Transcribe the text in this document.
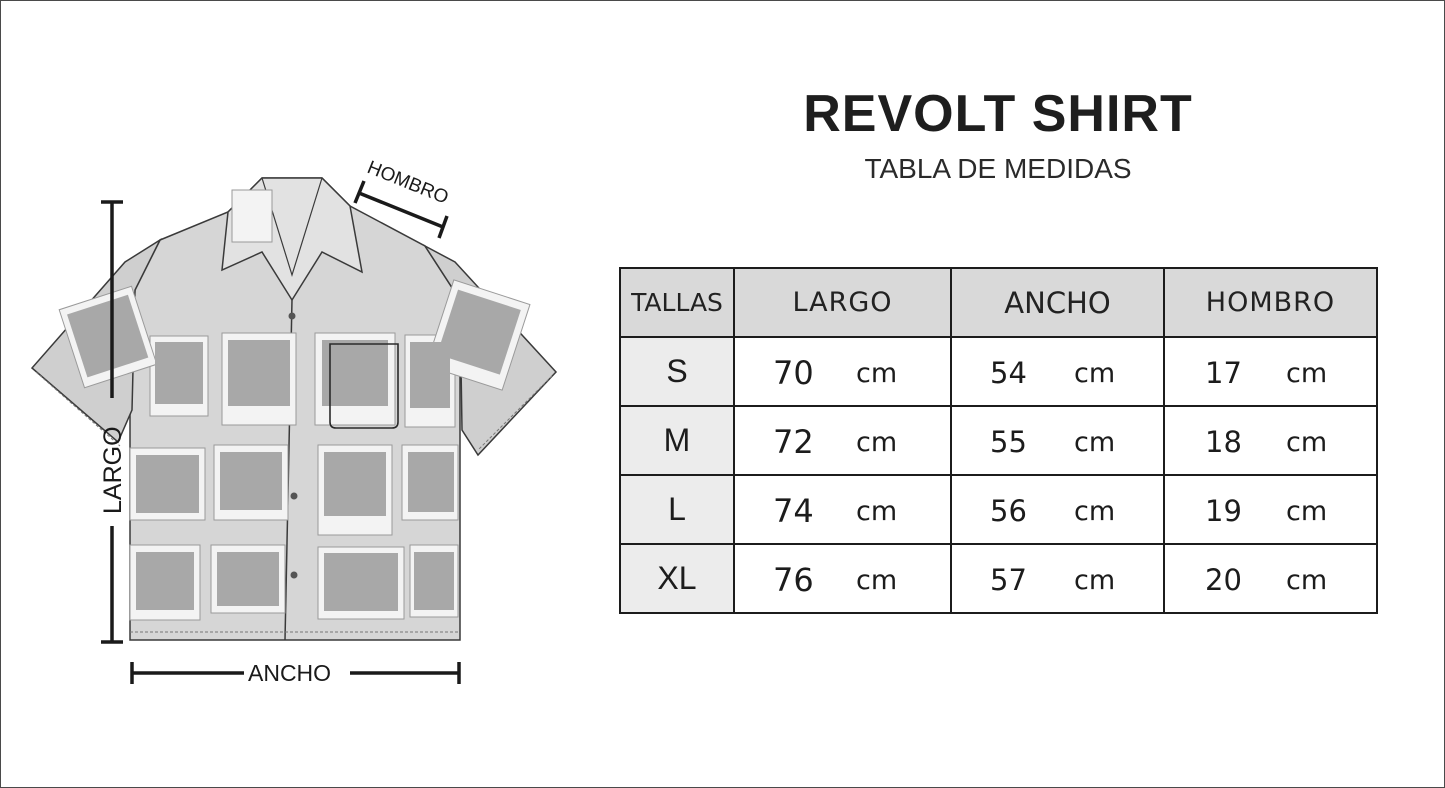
LARGO
ANCHO
HOMBRO
REVOLT SHIRT
TABLA DE MEDIDAS
TALLAS	LARGO	ANCHO	HOMBRO
S	70 cm	54 cm	17 cm

M	72 cm	55 cm	18 cm

L	74 cm	56 cm	19 cm

XL	76 cm	57 cm	20 cm
